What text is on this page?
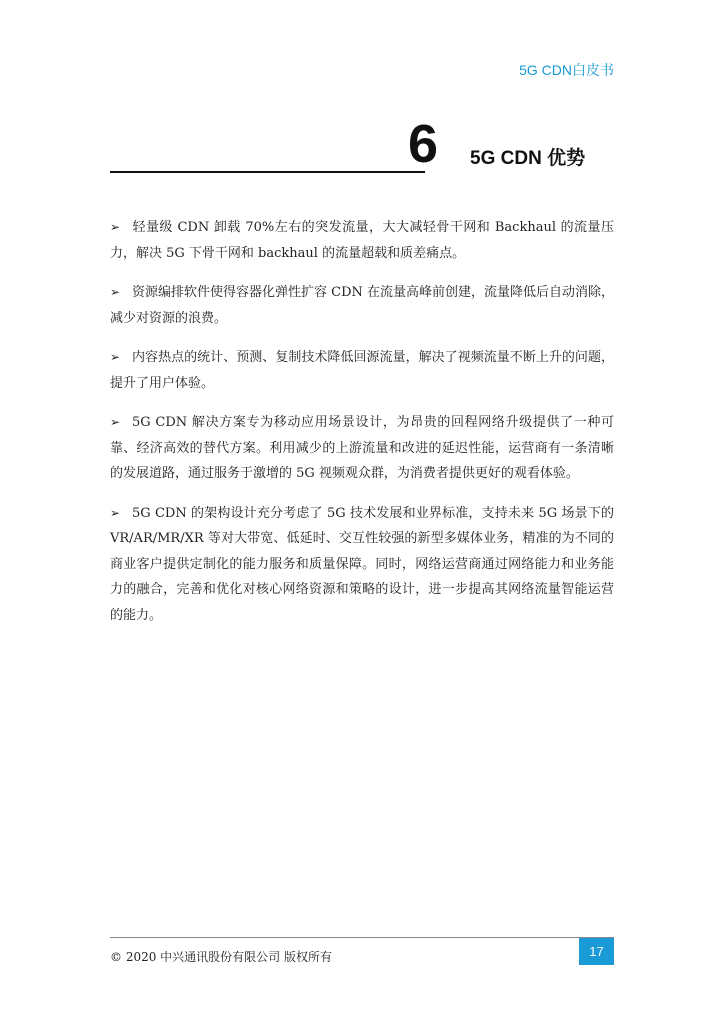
5G CDN白皮书
6 5G CDN 优势

➢ 轻量级 CDN 卸载 70%左右的突发流量，大大减轻骨干网和 Backhaul 的流量压力，解决 5G 下骨干网和 backhaul 的流量超载和质差痛点。

➢ 资源编排软件使得容器化弹性扩容 CDN 在流量高峰前创建，流量降低后自动消除，减少对资源的浪费。

➢ 内容热点的统计、预测、复制技术降低回源流量，解决了视频流量不断上升的问题，提升了用户体验。

➢ 5G CDN 解决方案专为移动应用场景设计，为昂贵的回程网络升级提供了一种可靠、经济高效的替代方案。利用减少的上游流量和改进的延迟性能，运营商有一条清晰的发展道路，通过服务于激增的 5G 视频观众群，为消费者提供更好的观看体验。

➢ 5G CDN 的架构设计充分考虑了 5G 技术发展和业界标准，支持未来 5G 场景下的 VR/AR/MR/XR 等对大带宽、低延时、交互性较强的新型多媒体业务，精准的为不同的商业客户提供定制化的能力服务和质量保障。同时，网络运营商通过网络能力和业务能力的融合，完善和优化对核心网络资源和策略的设计，进一步提高其网络流量智能运营的能力。

© 2020 中兴通讯股份有限公司 版权所有	17
